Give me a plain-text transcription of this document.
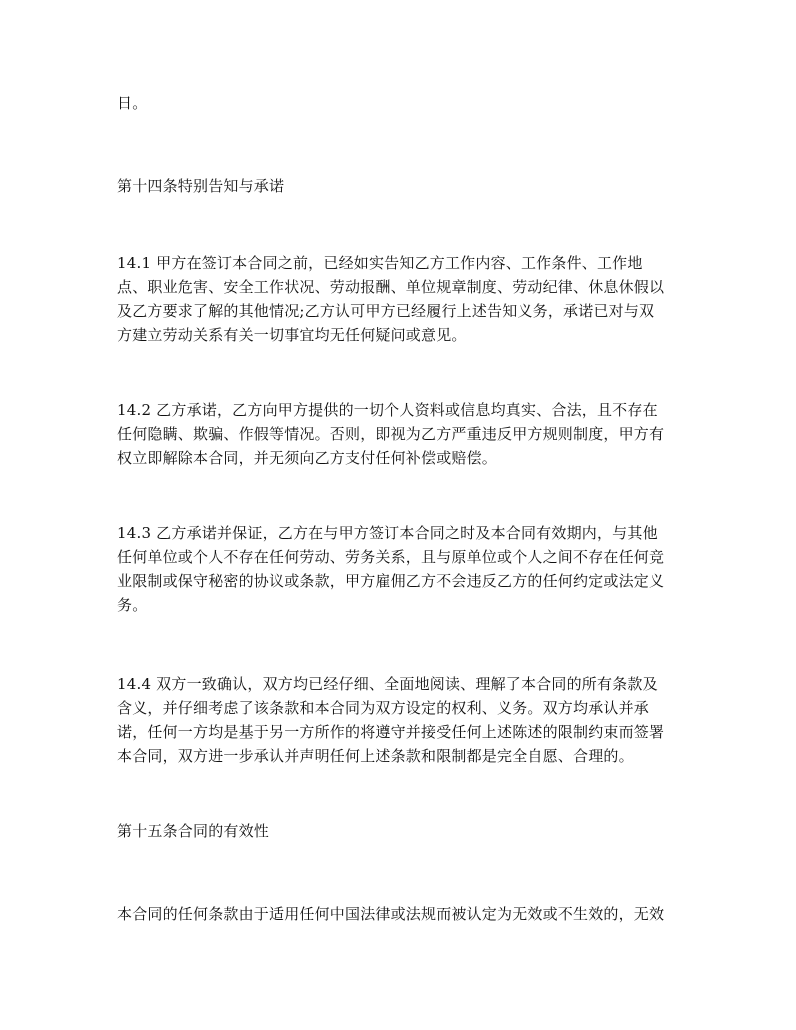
日。
第十四条特别告知与承诺
14.1 甲方在签订本合同之前，已经如实告知乙方工作内容、工作条件、工作地
点、职业危害、安全工作状况、劳动报酬、单位规章制度、劳动纪律、休息休假以
及乙方要求了解的其他情况;乙方认可甲方已经履行上述告知义务，承诺已对与双
方建立劳动关系有关一切事宜均无任何疑问或意见。
14.2 乙方承诺，乙方向甲方提供的一切个人资料或信息均真实、合法，且不存在
任何隐瞒、欺骗、作假等情况。否则，即视为乙方严重违反甲方规则制度，甲方有
权立即解除本合同，并无须向乙方支付任何补偿或赔偿。
14.3 乙方承诺并保证，乙方在与甲方签订本合同之时及本合同有效期内，与其他
任何单位或个人不存在任何劳动、劳务关系，且与原单位或个人之间不存在任何竞
业限制或保守秘密的协议或条款，甲方雇佣乙方不会违反乙方的任何约定或法定义
务。
14.4 双方一致确认，双方均已经仔细、全面地阅读、理解了本合同的所有条款及
含义，并仔细考虑了该条款和本合同为双方设定的权利、义务。双方均承认并承
诺，任何一方均是基于另一方所作的将遵守并接受任何上述陈述的限制约束而签署
本合同，双方进一步承认并声明任何上述条款和限制都是完全自愿、合理的。
第十五条合同的有效性
本合同的任何条款由于适用任何中国法律或法规而被认定为无效或不生效的，无效
